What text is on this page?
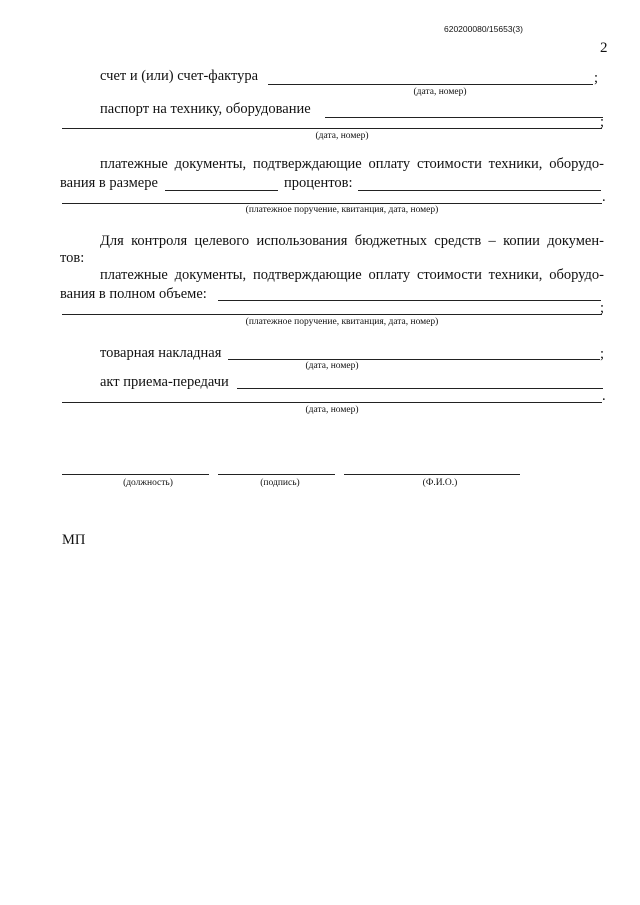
620200080/15653(3)
2
счет и (или) счет-фактура	;
(дата, номер)
паспорт на технику, оборудование
;
(дата, номер)
платежные документы, подтверждающие оплату стоимости техники, оборудо-
вания в размере	процентов:
.
(платежное поручение, квитанция, дата, номер)
Для контроля целевого использования бюджетных средств – копии докумен-
тов:
платежные документы, подтверждающие оплату стоимости техники, оборудо-
вания в полном объеме:
;
(платежное поручение, квитанция, дата, номер)
товарная накладная	;
(дата, номер)
акт приема-передачи
.
(дата, номер)
(должность)	(подпись)	(Ф.И.О.)
МП
